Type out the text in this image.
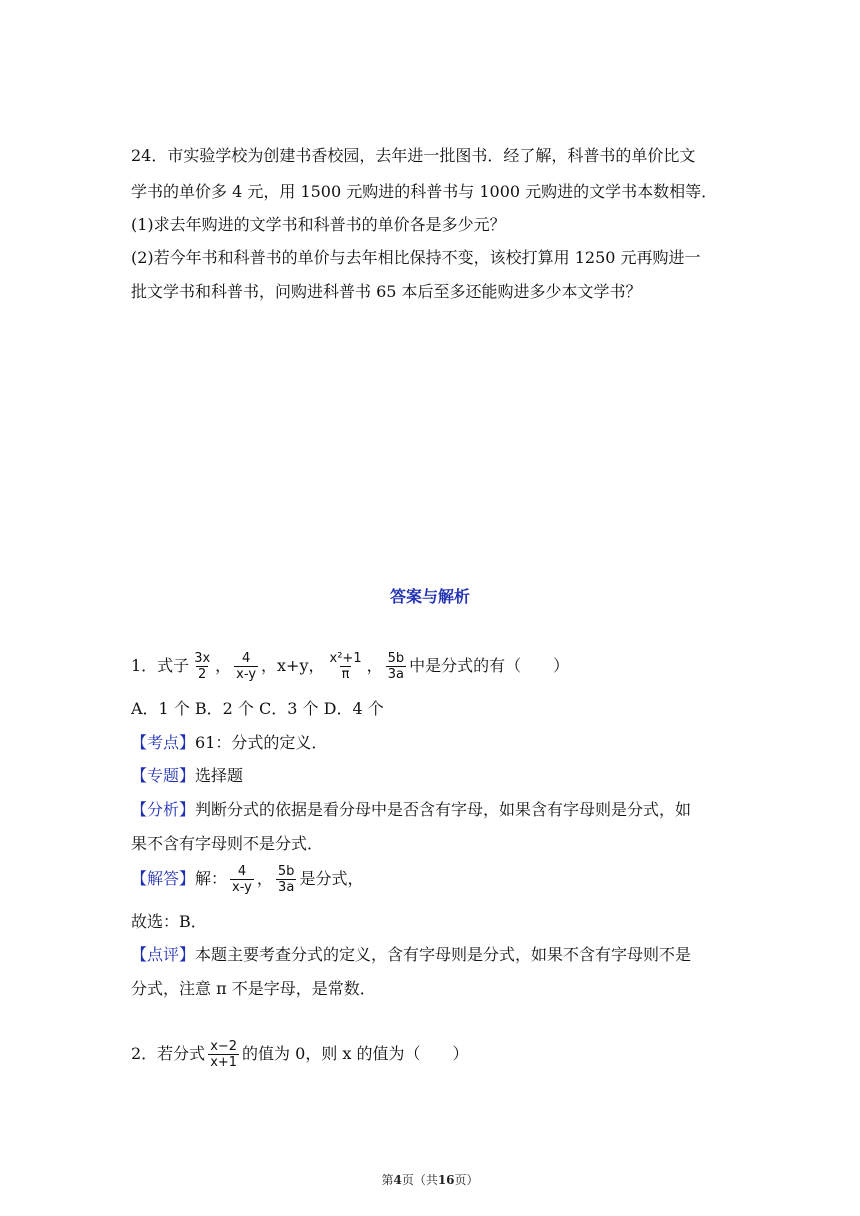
24．市实验学校为创建书香校园，去年进一批图书．经了解，科普书的单价比文
学书的单价多 4 元，用 1500 元购进的科普书与 1000 元购进的文学书本数相等．
(1)求去年购进的文学书和科普书的单价各是多少元？
(2)若今年书和科普书的单价与去年相比保持不变，该校打算用 1250 元再购进一
批文学书和科普书，问购进科普书 65 本后至多还能购进多少本文学书？
答案与解析
1．式子 $\frac{3x}{2}$ ， $\frac{4}{x-y}$ ，x+y， $\frac{\text{x²+1}}{\pi}$ ， $\frac{5b}{3a}$ 中是分式的有（　　）
A．1 个 B．2 个 C．3 个 D．4 个
【考点】61：分式的定义．
【专题】选择题
【分析】判断分式的依据是看分母中是否含有字母，如果含有字母则是分式，如
果不含有字母则不是分式．
【解答】解： $\frac{4}{x-y}$ ， $\frac{5b}{3a}$ 是分式，
故选：B．
【点评】本题主要考查分式的定义，含有字母则是分式，如果不含有字母则不是
分式，注意 π 不是字母，是常数．
2．若分式 $\frac{x-2}{x+1}$ 的值为 0，则 x 的值为（　　）
第4页（共16页）
